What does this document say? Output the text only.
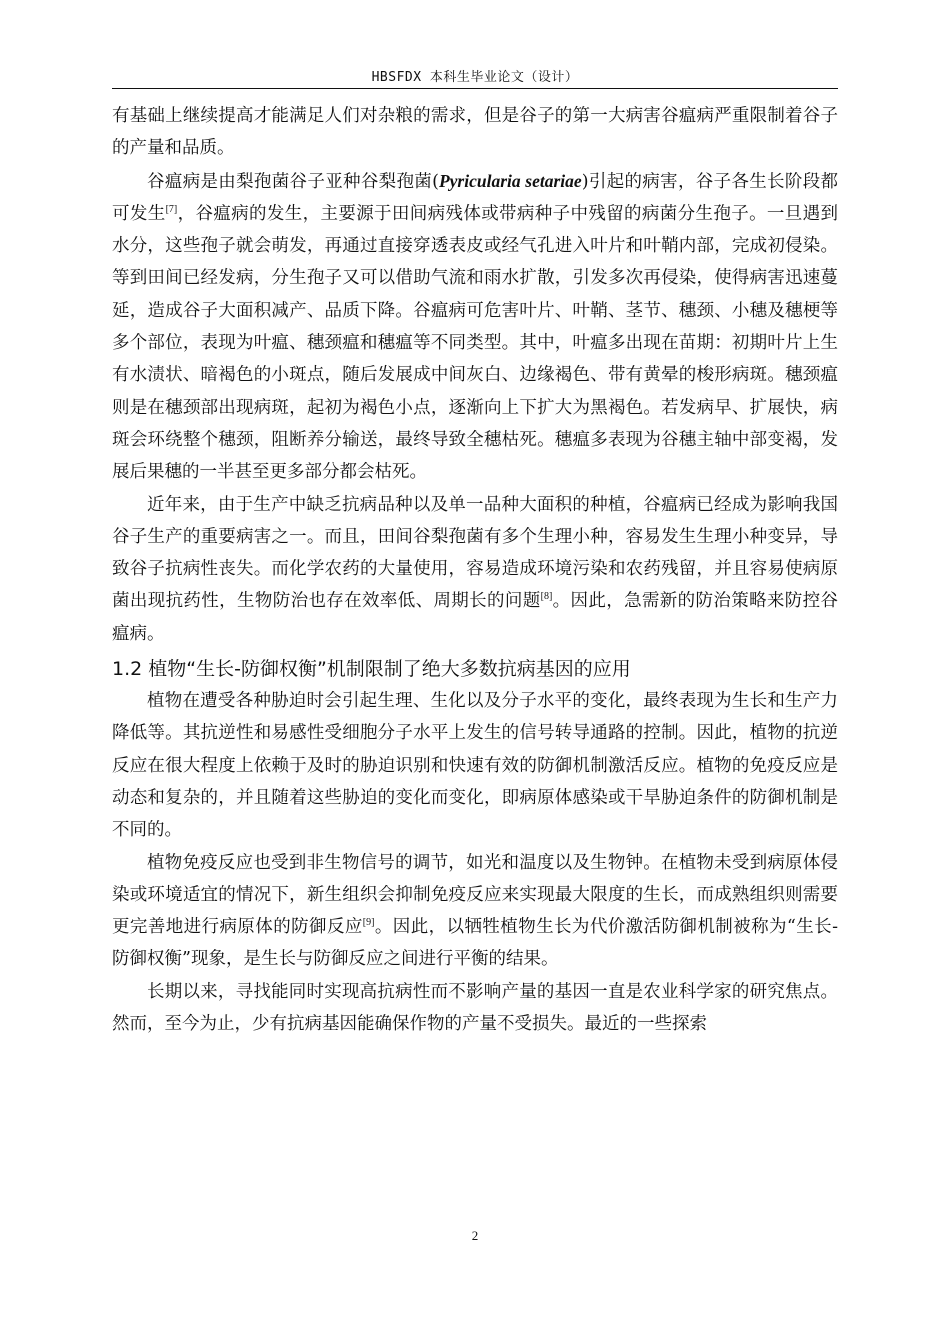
HBSFDX 本科生毕业论文（设计）

有基础上继续提高才能满足人们对杂粮的需求，但是谷子的第一大病害谷瘟病严重限制着谷子的产量和品质。

谷瘟病是由梨孢菌谷子亚种谷梨孢菌(Pyricularia setariae)引起的病害，谷子各生长阶段都可发生[7]，谷瘟病的发生，主要源于田间病残体或带病种子中残留的病菌分生孢子。一旦遇到水分，这些孢子就会萌发，再通过直接穿透表皮或经气孔进入叶片和叶鞘内部，完成初侵染。等到田间已经发病，分生孢子又可以借助气流和雨水扩散，引发多次再侵染，使得病害迅速蔓延，造成谷子大面积减产、品质下降。谷瘟病可危害叶片、叶鞘、茎节、穗颈、小穗及穗梗等多个部位，表现为叶瘟、穗颈瘟和穗瘟等不同类型。其中，叶瘟多出现在苗期：初期叶片上生有水渍状、暗褐色的小斑点，随后发展成中间灰白、边缘褐色、带有黄晕的梭形病斑。穗颈瘟则是在穗颈部出现病斑，起初为褐色小点，逐渐向上下扩大为黑褐色。若发病早、扩展快，病斑会环绕整个穗颈，阻断养分输送，最终导致全穗枯死。穗瘟多表现为谷穗主轴中部变褐，发展后果穗的一半甚至更多部分都会枯死。

近年来，由于生产中缺乏抗病品种以及单一品种大面积的种植，谷瘟病已经成为影响我国谷子生产的重要病害之一。而且，田间谷梨孢菌有多个生理小种，容易发生生理小种变异，导致谷子抗病性丧失。而化学农药的大量使用，容易造成环境污染和农药残留，并且容易使病原菌出现抗药性，生物防治也存在效率低、周期长的问题[8]。因此，急需新的防治策略来防控谷瘟病。

1.2 植物“生长-防御权衡”机制限制了绝大多数抗病基因的应用

植物在遭受各种胁迫时会引起生理、生化以及分子水平的变化，最终表现为生长和生产力降低等。其抗逆性和易感性受细胞分子水平上发生的信号转导通路的控制。因此，植物的抗逆反应在很大程度上依赖于及时的胁迫识别和快速有效的防御机制激活反应。植物的免疫反应是动态和复杂的，并且随着这些胁迫的变化而变化，即病原体感染或干旱胁迫条件的防御机制是不同的。

植物免疫反应也受到非生物信号的调节，如光和温度以及生物钟。在植物未受到病原体侵染或环境适宜的情况下，新生组织会抑制免疫反应来实现最大限度的生长，而成熟组织则需要更完善地进行病原体的防御反应[9]。因此，以牺牲植物生长为代价激活防御机制被称为“生长-防御权衡”现象，是生长与防御反应之间进行平衡的结果。

长期以来，寻找能同时实现高抗病性而不影响产量的基因一直是农业科学家的研究焦点。然而，至今为止，少有抗病基因能确保作物的产量不受损失。最近的一些探索

2
